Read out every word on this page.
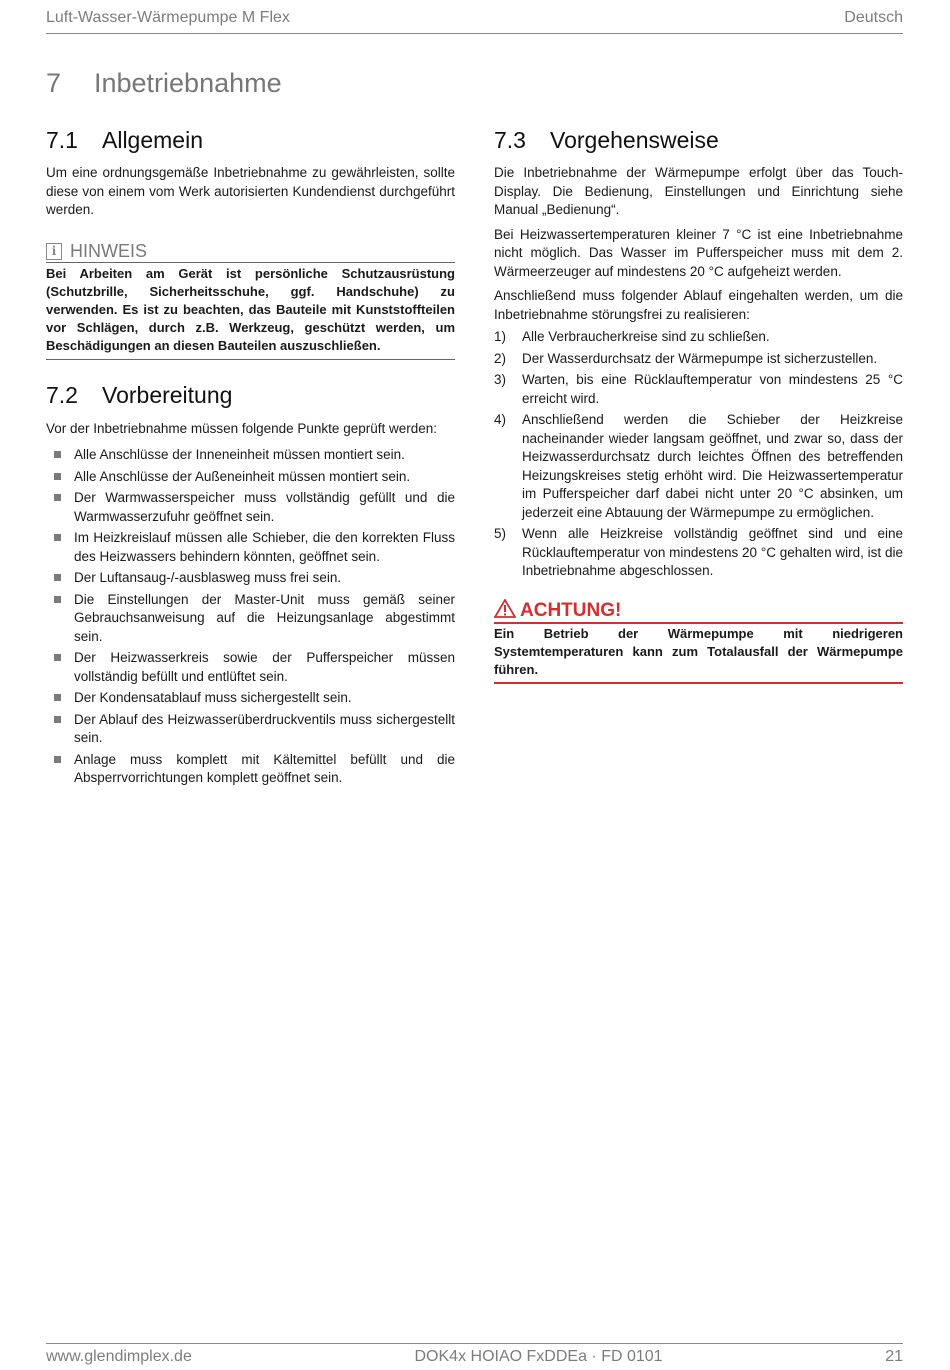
Luft-Wasser-Wärmepumpe M Flex	Deutsch
7	Inbetriebnahme
7.1	Allgemein

Um eine ordnungsgemäße Inbetriebnahme zu gewährleisten, sollte diese von einem vom Werk autorisierten Kundendienst durchgeführt werden.

i HINWEIS

Bei Arbeiten am Gerät ist persönliche Schutzausrüstung (Schutzbrille, Sicherheitsschuhe, ggf. Handschuhe) zu verwenden. Es ist zu beachten, das Bauteile mit Kunststoffteilen vor Schlägen, durch z.B. Werkzeug, geschützt werden, um Beschädigungen an diesen Bauteilen auszuschließen.

7.2	Vorbereitung

Vor der Inbetriebnahme müssen folgende Punkte geprüft werden:

Alle Anschlüsse der Inneneinheit müssen montiert sein.
Alle Anschlüsse der Außeneinheit müssen montiert sein.
Der Warmwasserspeicher muss vollständig gefüllt und die Warmwasserzufuhr geöffnet sein.
Im Heizkreislauf müssen alle Schieber, die den korrekten Fluss des Heizwassers behindern könnten, geöffnet sein.
Der Luftansaug-/-ausblasweg muss frei sein.
Die Einstellungen der Master-Unit muss gemäß seiner Gebrauchsanweisung auf die Heizungsanlage abgestimmt sein.
Der Heizwasserkreis sowie der Pufferspeicher müssen vollständig befüllt und entlüftet sein.
Der Kondensatablauf muss sichergestellt sein.
Der Ablauf des Heizwasserüberdruckventils muss sichergestellt sein.
Anlage muss komplett mit Kältemittel befüllt und die Absperrvorrichtungen komplett geöffnet sein.
7.3	Vorgehensweise

Die Inbetriebnahme der Wärmepumpe erfolgt über das Touch-Display. Die Bedienung, Einstellungen und Einrichtung siehe Manual „Bedienung“.

Bei Heizwassertemperaturen kleiner 7 °C ist eine Inbetriebnahme nicht möglich. Das Wasser im Pufferspeicher muss mit dem 2. Wärmeerzeuger auf mindestens 20 °C aufgeheizt werden.

Anschließend muss folgender Ablauf eingehalten werden, um die Inbetriebnahme störungsfrei zu realisieren:

1)	Alle Verbraucherkreise sind zu schließen.
2)	Der Wasserdurchsatz der Wärmepumpe ist sicherzustellen.
3)	Warten, bis eine Rücklauftemperatur von mindestens 25 °C erreicht wird.
4)	Anschließend werden die Schieber der Heizkreise nacheinander wieder langsam geöffnet, und zwar so, dass der Heizwasserdurchsatz durch leichtes Öffnen des betreffenden Heizungskreises stetig erhöht wird. Die Heizwassertemperatur im Pufferspeicher darf dabei nicht unter 20 °C absinken, um jederzeit eine Abtauung der Wärmepumpe zu ermöglichen.
5)	Wenn alle Heizkreise vollständig geöffnet sind und eine Rücklauftemperatur von mindestens 20 °C gehalten wird, ist die Inbetriebnahme abgeschlossen.
ACHTUNG!

Ein Betrieb der Wärmepumpe mit niedrigeren Systemtemperaturen kann zum Totalausfall der Wärmepumpe führen.

www.glendimplex.de	DOK4x HOIAO FxDDEa · FD 0101	21
